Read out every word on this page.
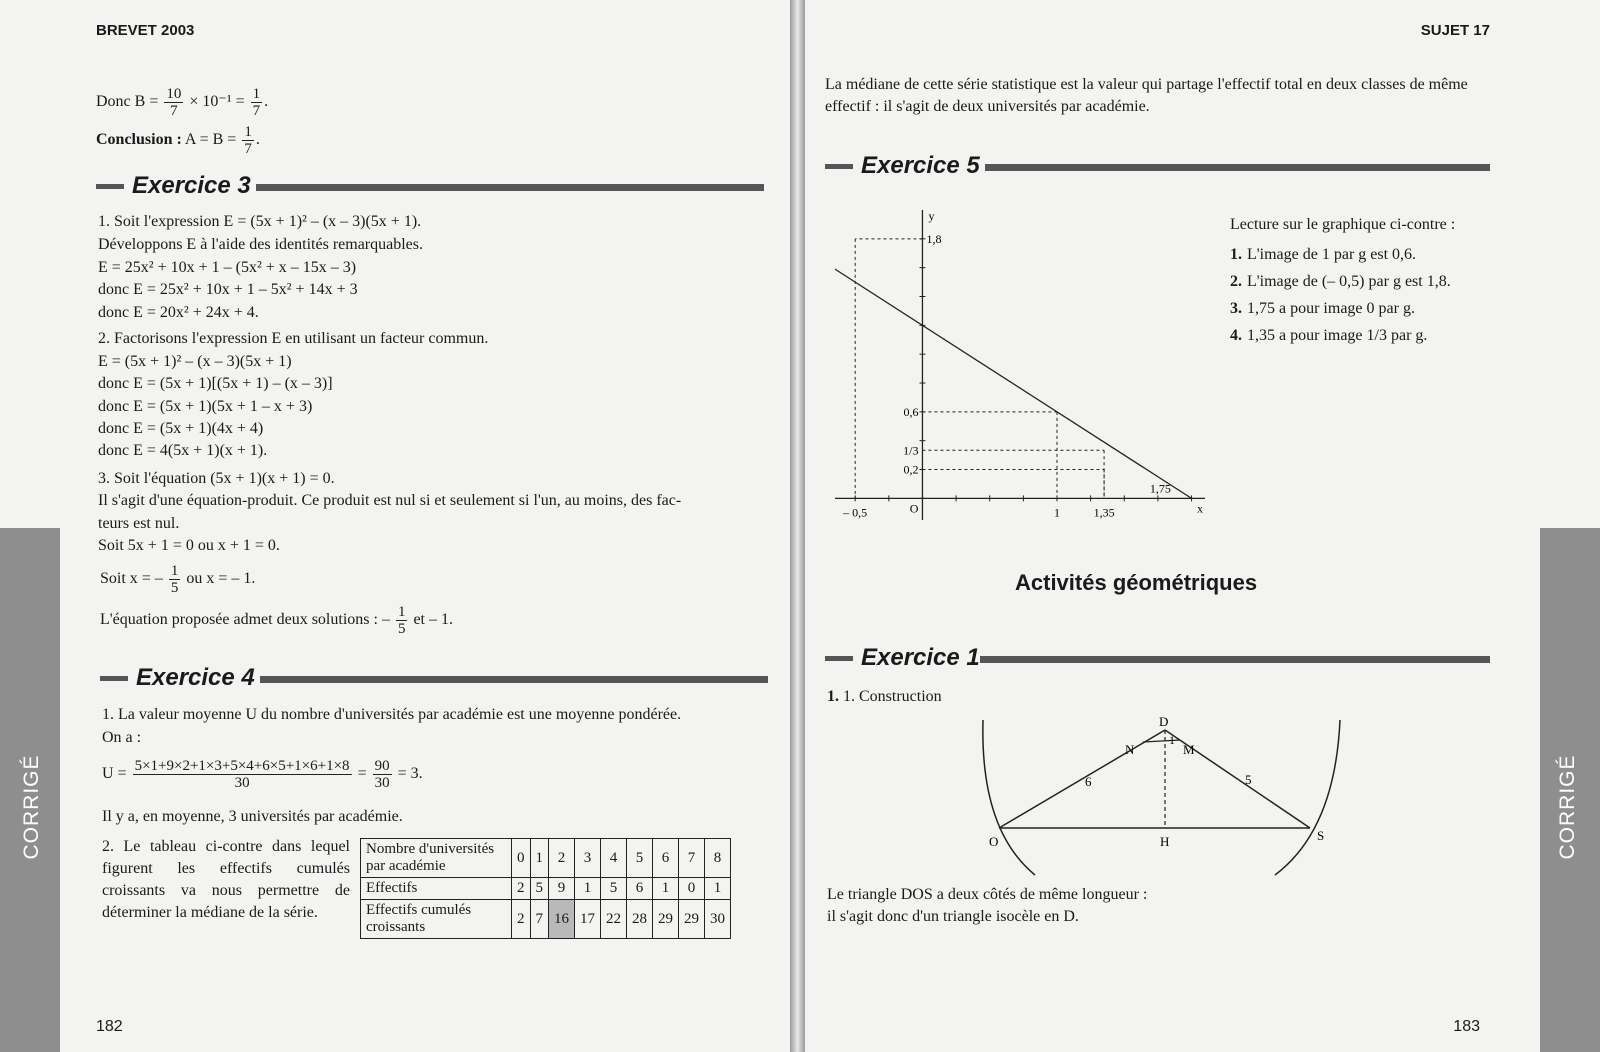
CORRIGÉ
BREVET 2003
Donc $B = \frac{10}{7} \times 10^{-1} = \frac{1}{7}$ .
Conclusion : $A = B = \frac{1}{7}$ .
Exercice 3
1. Soit l'expression E = (5x + 1)² – (x – 3)(5x + 1).
Développons E à l'aide des identités remarquables.
E = 25x² + 10x + 1 – (5x² + x – 15x – 3)
donc E = 25x² + 10x + 1 – 5x² + 14x + 3
donc E = 20x² + 24x + 4.
2. Factorisons l'expression E en utilisant un facteur commun.
E = (5x + 1)² – (x – 3)(5x + 1)
donc E = (5x + 1)[(5x + 1) – (x – 3)]
donc E = (5x + 1)(5x + 1 – x + 3)
donc E = (5x + 1)(4x + 4)
donc E = 4(5x + 1)(x + 1).
3. Soit l'équation (5x + 1)(x + 1) = 0.
Il s'agit d'une équation-produit. Ce produit est nul si et seulement si l'un, au moins, des fac-
teurs est nul.
Soit 5x + 1 = 0 ou x + 1 = 0.
Soit x = – $\frac{1}{5}$ ou x = – 1.
L'équation proposée admet deux solutions : – $\frac{1}{5}$ et – 1.
Exercice 4
1. La valeur moyenne U du nombre d'universités par académie est une moyenne pondérée.
On a :
$U = \frac{5\times 1+9\times 2+1\times 3+5\times 4+6\times 5+1\times 6+1\times 8}{30} = \frac{90}{30} = 3$.
Il y a, en moyenne, 3 universités par académie.
2. Le tableau ci-contre dans lequel figurent les effectifs cumulés croissants va nous permettre de déterminer la médiane de la série.
Nombre d'universités par académie	0	1	2	3	4	5	6	7	8
Effectifs	2	5	9	1	5	6	1	0	1
Effectifs cumulés croissants	2	7	16	17	22	28	29	29	30
182
CORRIGÉ
SUJET 17
La médiane de cette série statistique est la valeur qui partage l'effectif total en deux classes de même effectif : il s'agit de deux universités par académie.
Exercice 5
y
x
1,8
0,6
1/3
0,2
– 0,5	O	1	1,35
1,75
Lecture sur le graphique ci-contre :
1. L'image de 1 par g est 0,6.
2. L'image de (– 0,5) par g est 1,8.
3. 1,75 a pour image 0 par g.
4. 1,35 a pour image 1/3 par g.
Activités géométriques
Exercice 1
1. 1. Construction
D
N	M
O	S
H
1
5
6
Le triangle DOS a deux côtés de même longueur :
il s'agit donc d'un triangle isocèle en D.
183
